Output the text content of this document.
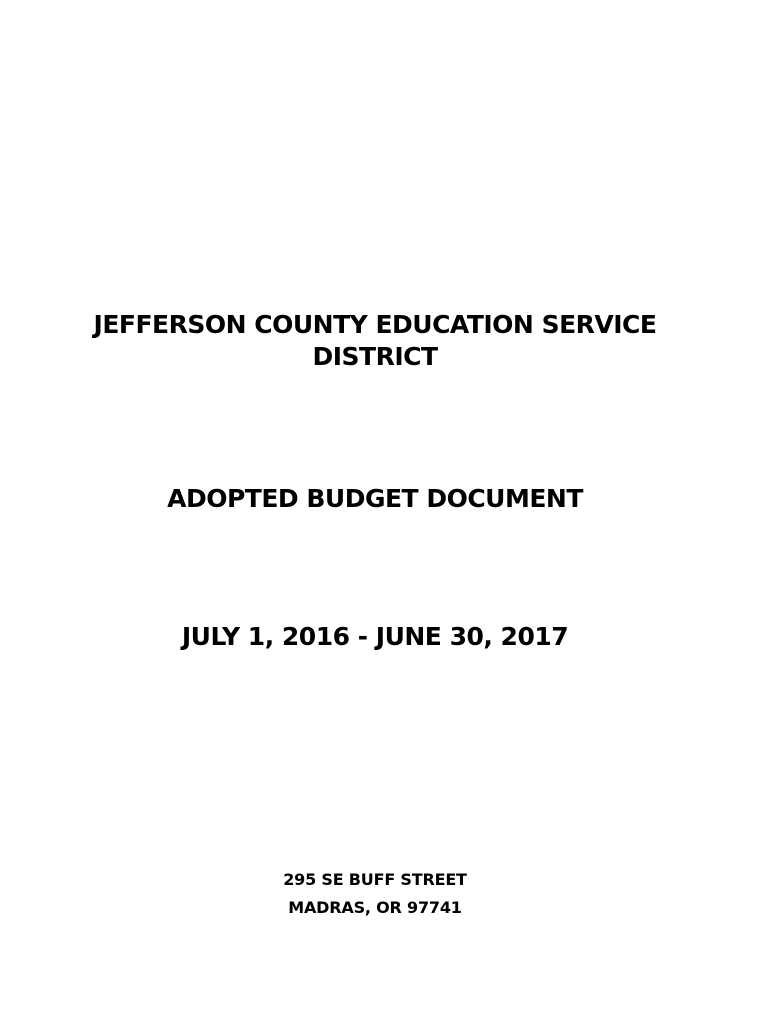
JEFFERSON COUNTY EDUCATION SERVICE
DISTRICT
ADOPTED BUDGET DOCUMENT
JULY 1, 2016 - JUNE 30, 2017
295 SE BUFF STREET
MADRAS, OR 97741
